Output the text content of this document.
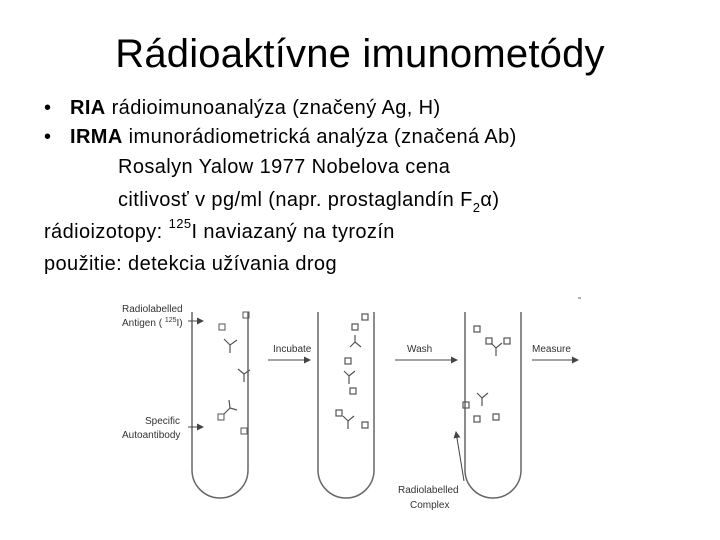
Rádioaktívne imunometódy
• RIA rádioimunoanalýza (značený Ag, H)
• IRMA imunorádiometrická analýza (značená Ab)
Rosalyn Yalow 1977 Nobelova cena
citlivosť v pg/ml (napr. prostaglandín $F_2\alpha$)
rádioizotopy: $^{125}$I naviazaný na tyrozín
použitie: detekcia užívania drog
Radiolabelled
Antigen ( $^{125}$I)
Specific
Autoantibody
Incubate	Wash	Measure
Radiolabelled
Complex
